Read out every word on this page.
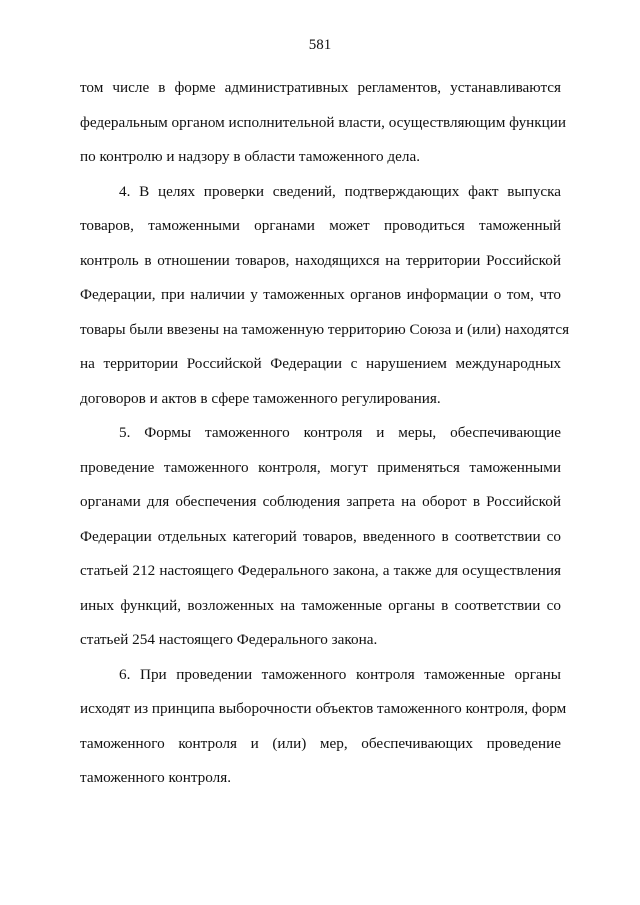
581
том числе в форме административных регламентов, устанавливаются
федеральным органом исполнительной власти, осуществляющим функции
по контролю и надзору в области таможенного дела.
4. В целях проверки сведений, подтверждающих факт выпуска
товаров, таможенными органами может проводиться таможенный
контроль в отношении товаров, находящихся на территории Российской
Федерации, при наличии у таможенных органов информации о том, что
товары были ввезены на таможенную территорию Союза и (или) находятся
на территории Российской Федерации с нарушением международных
договоров и актов в сфере таможенного регулирования.
5. Формы таможенного контроля и меры, обеспечивающие
проведение таможенного контроля, могут применяться таможенными
органами для обеспечения соблюдения запрета на оборот в Российской
Федерации отдельных категорий товаров, введенного в соответствии со
статьей 212 настоящего Федерального закона, а также для осуществления
иных функций, возложенных на таможенные органы в соответствии со
статьей 254 настоящего Федерального закона.
6. При проведении таможенного контроля таможенные органы
исходят из принципа выборочности объектов таможенного контроля, форм
таможенного контроля и (или) мер, обеспечивающих проведение
таможенного контроля.
